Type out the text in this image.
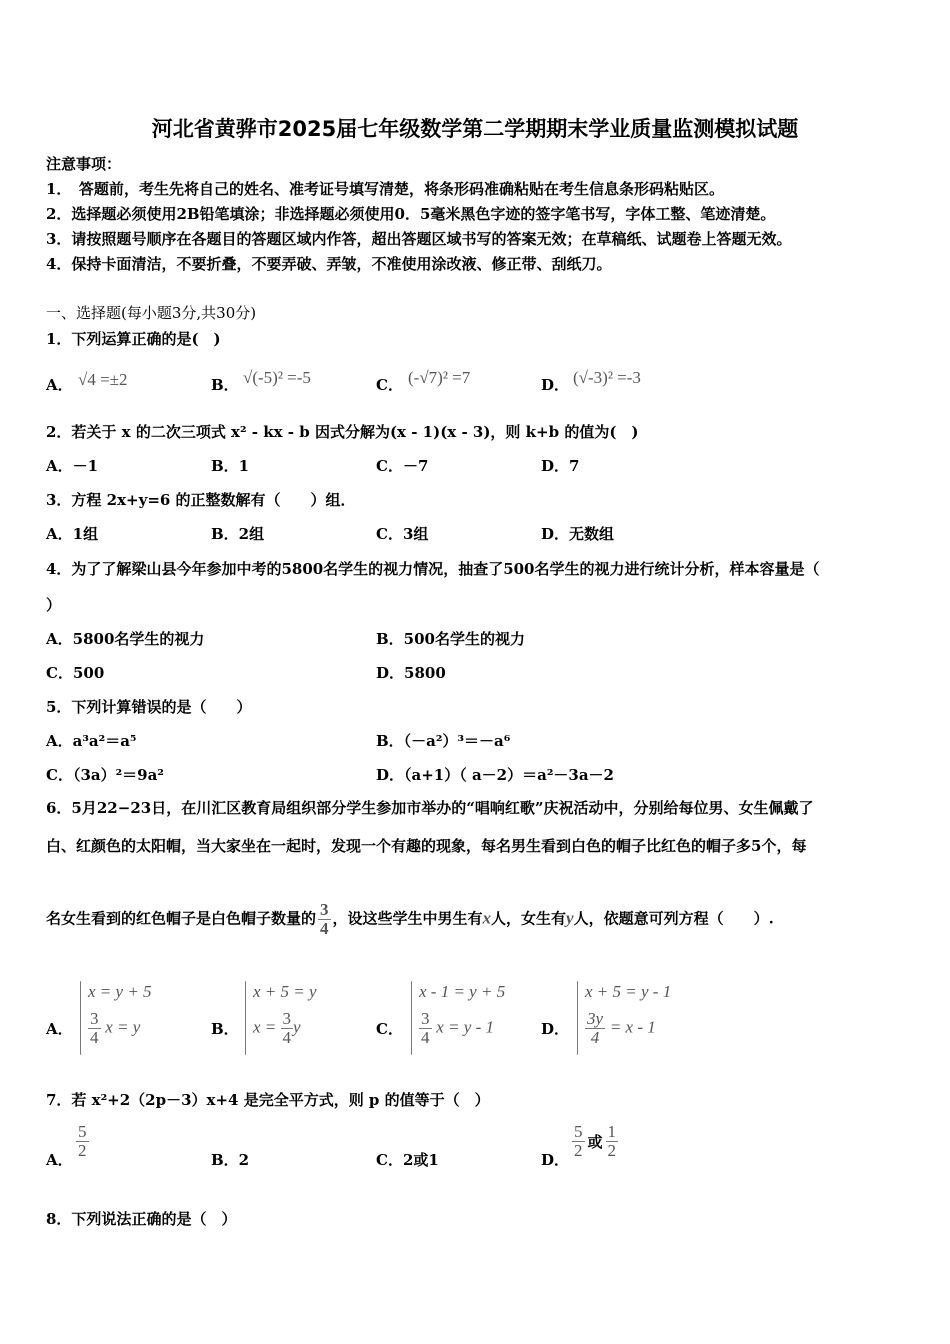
河北省黄骅市2025届七年级数学第二学期期末学业质量监测模拟试题
注意事项：
1．　答题前，考生先将自己的姓名、准考证号填写清楚，将条形码准确粘贴在考生信息条形码粘贴区。
2．选择题必须使用2B铅笔填涂；非选择题必须使用0．5毫米黑色字迹的签字笔书写，字体工整、笔迹清楚。
3．请按照题号顺序在各题目的答题区域内作答，超出答题区域书写的答案无效；在草稿纸、试题卷上答题无效。
4．保持卡面清洁，不要折叠，不要弄破、弄皱，不准使用涂改液、修正带、刮纸刀。
一、选择题(每小题3分,共30分)
1．下列运算正确的是(　)
A． √4 =±2	B． √(-5)² =-5	C． (-√7)² =7	D． (√-3)² =-3
2．若关于 x 的二次三项式 x² - kx - b 因式分解为(x - 1)(x - 3)，则 k+b 的值为(　)
A．－1	B．1	C．－7	D．7
3．方程 2x+y=6 的正整数解有（　　）组．
A．1组	B．2组	C．3组	D．无数组
4．为了了解梁山县今年参加中考的5800名学生的视力情况，抽查了500名学生的视力进行统计分析，样本容量是（
）
A．5800名学生的视力	B．500名学生的视力
C．500	D．5800
5．下列计算错误的是（　　）
A．a³a²＝a⁵	B．（－a²）³＝－a⁶
C．（3a）²＝9a²	D．（a+1）（ a－2）＝a²－3a－2
6．5月22−23日，在川汇区教育局组织部分学生参加市举办的“唱响红歌”庆祝活动中，分别给每位男、女生佩戴了
白、红颜色的太阳帽，当大家坐在一起时，发现一个有趣的现象，每名男生看到白色的帽子比红色的帽子多5个，每
名女生看到的红色帽子是白色帽子数量的 $\frac{3}{4}$ ，设这些学生中男生有x人，女生有y人，依题意可列方程（　　）.
A．
x = y + 5
$\frac{3}{4}$ x = y	B．
x + 5 = y
$x = \frac{3}{4}$ y	C．
x - 1 = y + 5
$\frac{3}{4}$ x = y - 1	D．
x + 5 = y - 1
$\frac{3y}{4} = x - 1$
7．若 x²+2（2p－3）x+4 是完全平方式，则 p 的值等于（　）
A．
$\frac{5}{2}$
B．2	C．2或1	D．
$\frac{5}{2}$ 或 $\frac{1}{2}$
8．下列说法正确的是（　）
